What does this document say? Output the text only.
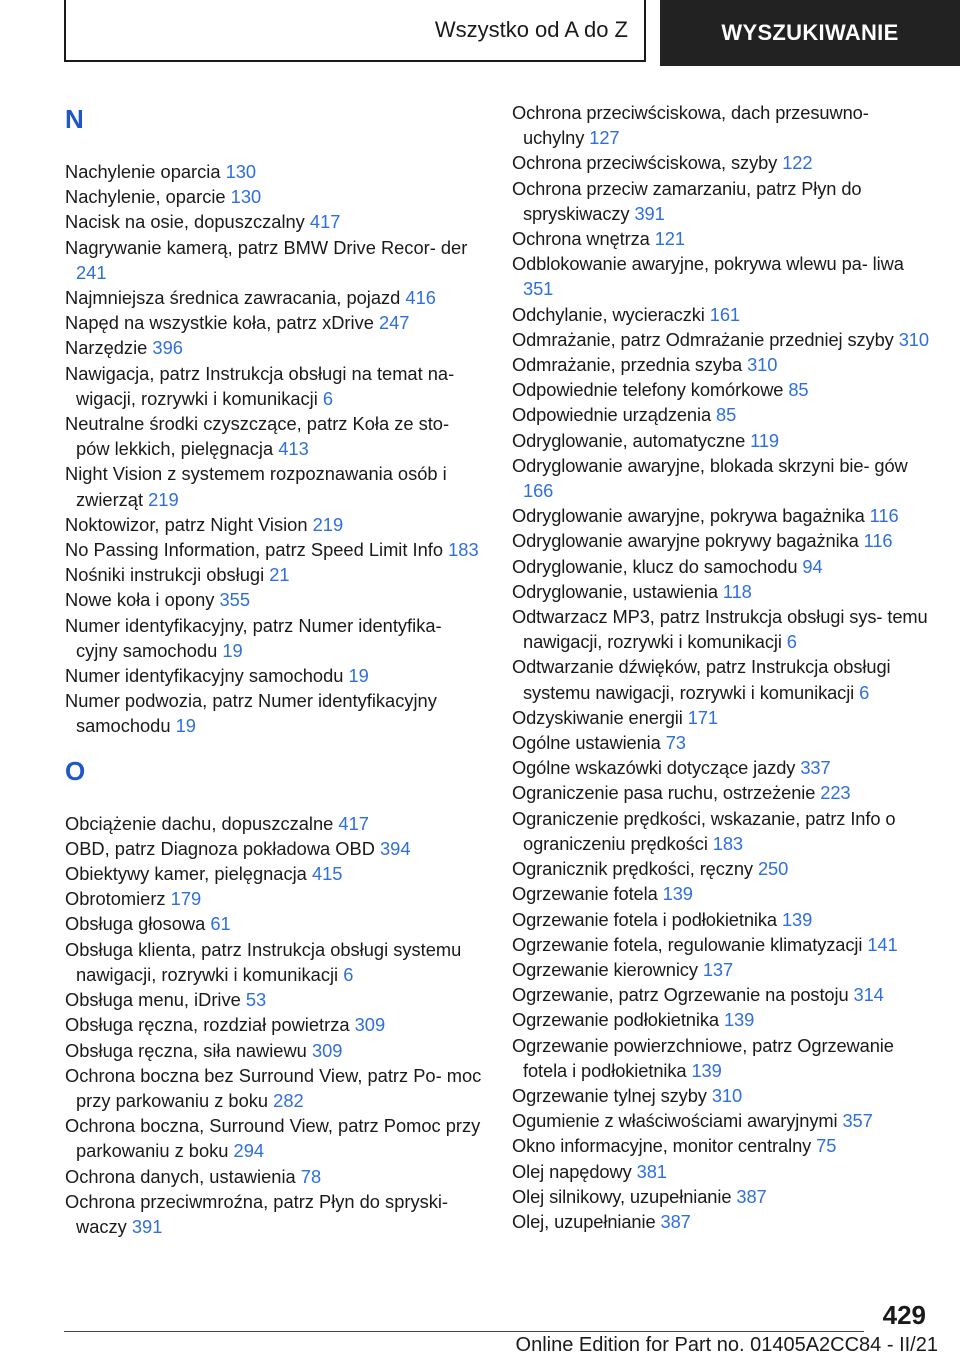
Wszystko od A do Z	WYSZUKIWANIE
N
Nachylenie oparcia 130
Nachylenie, oparcie 130
Nacisk na osie, dopuszczalny 417
Nagrywanie kamerą, patrz BMW Drive Recor‐ der 241
Najmniejsza średnica zawracania, pojazd 416
Napęd na wszystkie koła, patrz xDrive 247
Narzędzie 396
Nawigacja, patrz Instrukcja obsługi na temat na‐ wigacji, rozrywki i komunikacji 6
Neutralne środki czyszczące, patrz Koła ze sto‐ pów lekkich, pielęgnacja 413
Night Vision z systemem rozpoznawania osób i zwierząt 219
Noktowizor, patrz Night Vision 219
No Passing Information, patrz Speed Limit Info 183
Nośniki instrukcji obsługi 21
Nowe koła i opony 355
Numer identyfikacyjny, patrz Numer identyfika‐ cyjny samochodu 19
Numer identyfikacyjny samochodu 19
Numer podwozia, patrz Numer identyfikacyjny samochodu 19
O
Obciążenie dachu, dopuszczalne 417
OBD, patrz Diagnoza pokładowa OBD 394
Obiektywy kamer, pielęgnacja 415
Obrotomierz 179
Obsługa głosowa 61
Obsługa klienta, patrz Instrukcja obsługi systemu nawigacji, rozrywki i komunikacji 6
Obsługa menu, iDrive 53
Obsługa ręczna, rozdział powietrza 309
Obsługa ręczna, siła nawiewu 309
Ochrona boczna bez Surround View, patrz Po‐ moc przy parkowaniu z boku 282
Ochrona boczna, Surround View, patrz Pomoc przy parkowaniu z boku 294
Ochrona danych, ustawienia 78
Ochrona przeciwmroźna, patrz Płyn do spryski‐ waczy 391
Ochrona przeciwściskowa, dach przesuwno‐ uchylny 127
Ochrona przeciwściskowa, szyby 122
Ochrona przeciw zamarzaniu, patrz Płyn do spryskiwaczy 391
Ochrona wnętrza 121
Odblokowanie awaryjne, pokrywa wlewu pa‐ liwa 351
Odchylanie, wycieraczki 161
Odmrażanie, patrz Odmrażanie przedniej szyby 310
Odmrażanie, przednia szyba 310
Odpowiednie telefony komórkowe 85
Odpowiednie urządzenia 85
Odryglowanie, automatyczne 119
Odryglowanie awaryjne, blokada skrzyni bie‐ gów 166
Odryglowanie awaryjne, pokrywa bagażnika 116
Odryglowanie awaryjne pokrywy bagażnika 116
Odryglowanie, klucz do samochodu 94
Odryglowanie, ustawienia 118
Odtwarzacz MP3, patrz Instrukcja obsługi sys‐ temu nawigacji, rozrywki i komunikacji 6
Odtwarzanie dźwięków, patrz Instrukcja obsługi systemu nawigacji, rozrywki i komunikacji 6
Odzyskiwanie energii 171
Ogólne ustawienia 73
Ogólne wskazówki dotyczące jazdy 337
Ograniczenie pasa ruchu, ostrzeżenie 223
Ograniczenie prędkości, wskazanie, patrz Info o ograniczeniu prędkości 183
Ogranicznik prędkości, ręczny 250
Ogrzewanie fotela 139
Ogrzewanie fotela i podłokietnika 139
Ogrzewanie fotela, regulowanie klimatyzacji 141
Ogrzewanie kierownicy 137
Ogrzewanie, patrz Ogrzewanie na postoju 314
Ogrzewanie podłokietnika 139
Ogrzewanie powierzchniowe, patrz Ogrzewanie fotela i podłokietnika 139
Ogrzewanie tylnej szyby 310
Ogumienie z właściwościami awaryjnymi 357
Okno informacyjne, monitor centralny 75
Olej napędowy 381
Olej silnikowy, uzupełnianie 387
Olej, uzupełnianie 387
429
Online Edition for Part no. 01405A2CC84 - II/21
